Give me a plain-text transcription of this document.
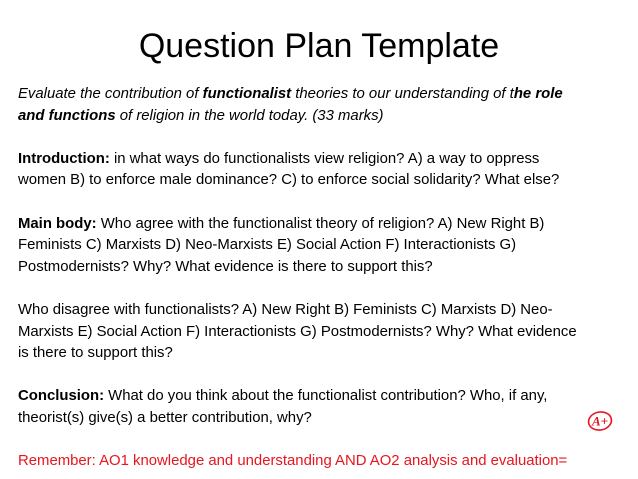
Question Plan Template
Evaluate the contribution of functionalist theories to our understanding of the role
and functions of religion in the world today. (33 marks)
Introduction: in what ways do functionalists view religion? A) a way to oppress
women B) to enforce male dominance? C) to enforce social solidarity? What else?
Main body: Who agree with the functionalist theory of religion? A) New Right B)
Feminists C) Marxists D) Neo-Marxists E) Social Action F) Interactionists G)
Postmodernists? Why? What evidence is there to support this?
Who disagree with functionalists? A) New Right B) Feminists C) Marxists D) Neo-
Marxists E) Social Action F) Interactionists G) Postmodernists? Why? What evidence
is there to support this?
Conclusion: What do you think about the functionalist contribution? Who, if any,
theorist(s) give(s) a better contribution, why?
Remember: AO1 knowledge and understanding AND AO2 analysis and evaluation=
A+
